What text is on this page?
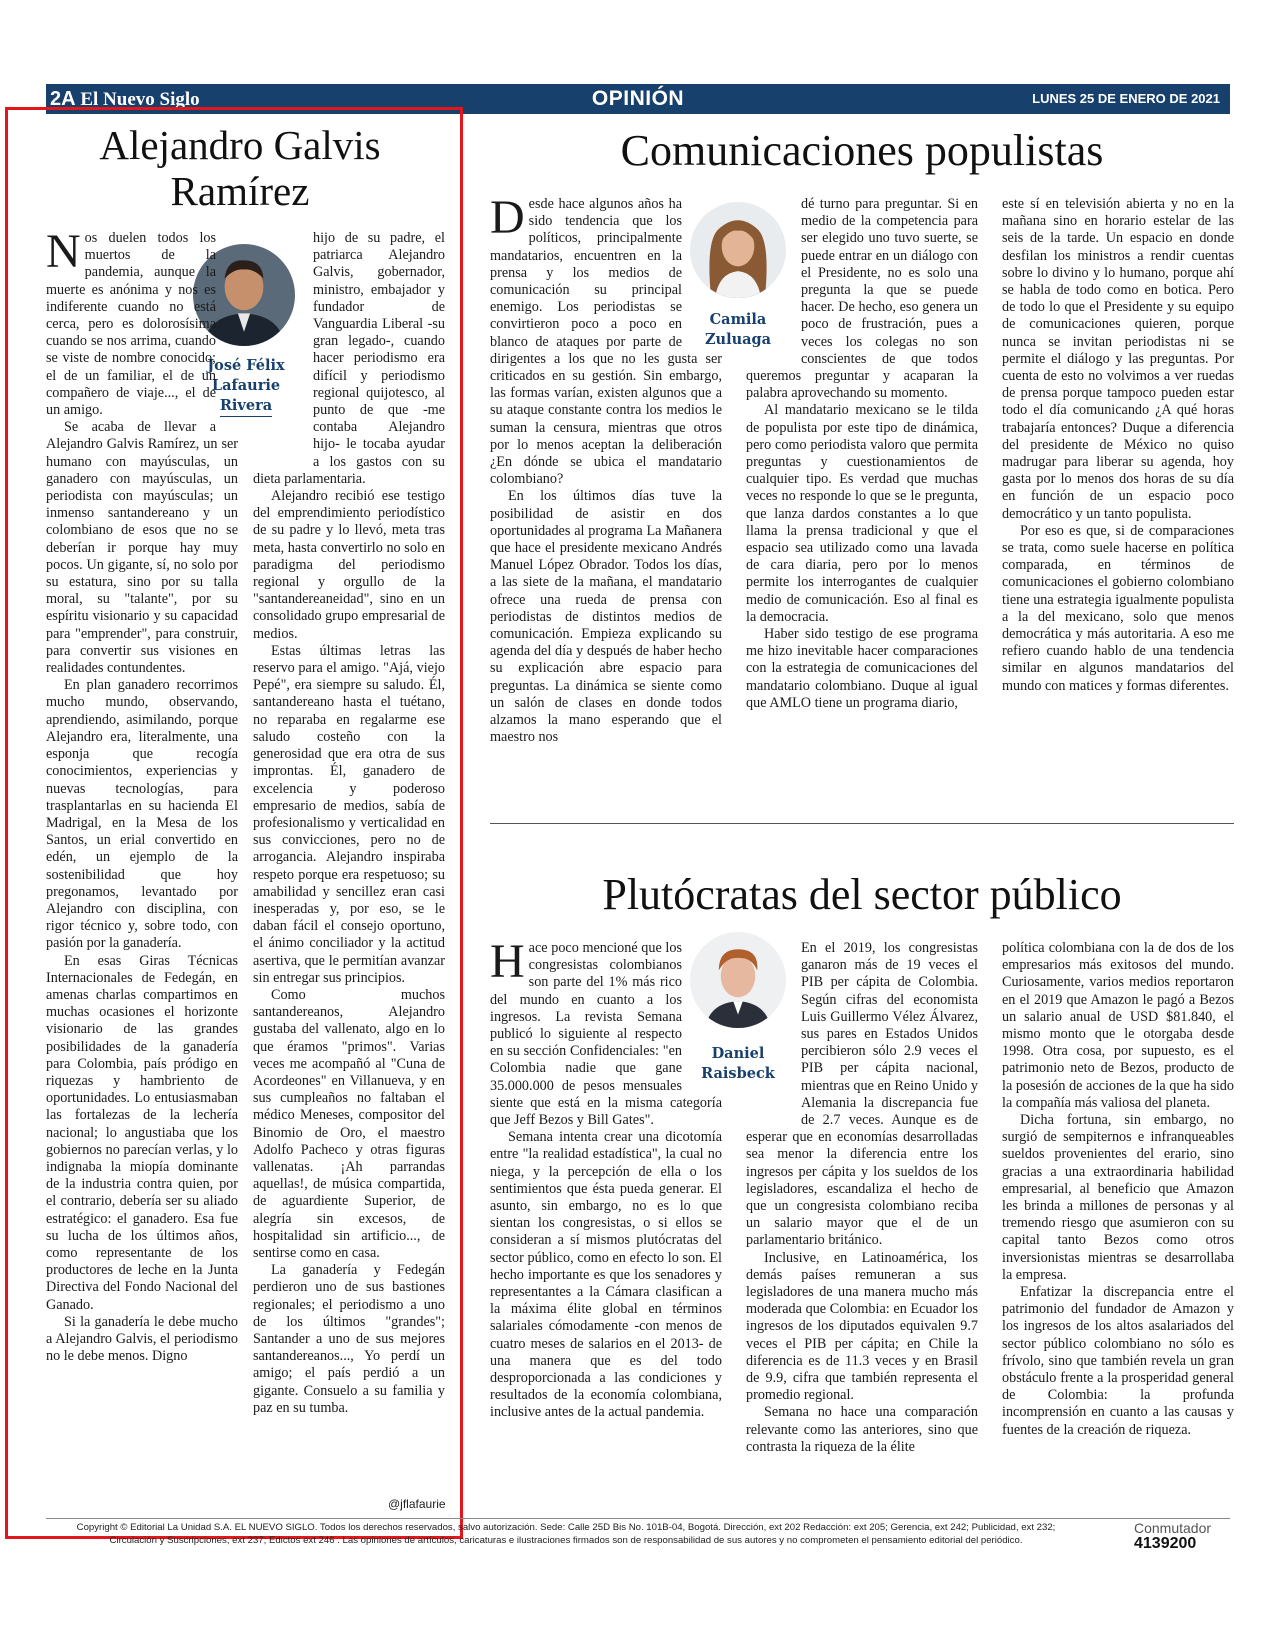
2A El Nuevo Siglo	OPINIÓN	LUNES 25 DE ENERO DE 2021
Alejandro Galvis Ramírez
José Félix
Lafaurie
Rivera

Nos duelen todos los muertos de la pandemia, aunque la muerte es anónima y nos es indiferente cuando no está cerca, pero es dolorosísima cuando se nos arrima, cuando se viste de nombre conocido; el de un familiar, el de un compañero de viaje..., el de un amigo.

Se acaba de llevar a Alejandro Galvis Ramírez, un ser humano con mayúsculas, un ganadero con mayúsculas, un periodista con mayúsculas; un inmenso santandereano y un colombiano de esos que no se deberían ir porque hay muy pocos. Un gigante, sí, no solo por su estatura, sino por su talla moral, su "talante", por su espíritu visionario y su capacidad para "emprender", para construir, para convertir sus visiones en realidades contundentes.

En plan ganadero recorrimos mucho mundo, observando, aprendiendo, asimilando, porque Alejandro era, literalmente, una esponja que recogía conocimientos, experiencias y nuevas tecnologías, para trasplantarlas en su hacienda El Madrigal, en la Mesa de los Santos, un erial convertido en edén, un ejemplo de la sostenibilidad que hoy pregonamos, levantado por Alejandro con disciplina, con rigor técnico y, sobre todo, con pasión por la ganadería.

En esas Giras Técnicas Internacionales de Fedegán, en amenas charlas compartimos en muchas ocasiones el horizonte visionario de las grandes posibilidades de la ganadería para Colombia, país pródigo en riquezas y hambriento de oportunidades. Lo entusiasmaban las fortalezas de la lechería nacional; lo angustiaba que los gobiernos no parecían verlas, y lo indignaba la miopía dominante de la industria contra quien, por el contrario, debería ser su aliado estratégico: el ganadero. Esa fue su lucha de los últimos años, como representante de los productores de leche en la Junta Directiva del Fondo Nacional del Ganado.

Si la ganadería le debe mucho a Alejandro Galvis, el periodismo no le debe menos. Digno

hijo de su padre, el patriarca Alejandro Galvis, gobernador, ministro, embajador y fundador de Vanguardia Liberal -su gran legado-, cuando hacer periodismo era difícil y periodismo regional quijotesco, al punto de que -me contaba Alejandro hijo- le tocaba ayudar a los gastos con su dieta parlamentaria.

Alejandro recibió ese testigo del emprendimiento periodístico de su padre y lo llevó, meta tras meta, hasta convertirlo no solo en paradigma del periodismo regional y orgullo de la "santandereaneidad", sino en un consolidado grupo empresarial de medios.

Estas últimas letras las reservo para el amigo. "Ajá, viejo Pepé", era siempre su saludo. Él, santandereano hasta el tuétano, no reparaba en regalarme ese saludo costeño con la generosidad que era otra de sus improntas. Él, ganadero de excelencia y poderoso empresario de medios, sabía de profesionalismo y verticalidad en sus convicciones, pero no de arrogancia. Alejandro inspiraba respeto porque era respetuoso; su amabilidad y sencillez eran casi inesperadas y, por eso, se le daban fácil el consejo oportuno, el ánimo conciliador y la actitud asertiva, que le permitían avanzar sin entregar sus principios.

Como muchos santandereanos, Alejandro gustaba del vallenato, algo en lo que éramos "primos". Varias veces me acompañó al "Cuna de Acordeones" en Villanueva, y en sus cumpleaños no faltaban el médico Meneses, compositor del Binomio de Oro, el maestro Adolfo Pacheco y otras figuras vallenatas. ¡Ah parrandas aquellas!, de música compartida, de aguardiente Superior, de alegría sin excesos, de hospitalidad sin artificio..., de sentirse como en casa.

La ganadería y Fedegán perdieron uno de sus bastiones regionales; el periodismo a uno de los últimos "grandes"; Santander a uno de sus mejores santandereanos..., Yo perdí un amigo; el país perdió a un gigante. Consuelo a su familia y paz en su tumba.

@jflafaurie
Comunicaciones populistas
Camila
Zuluaga

Desde hace algunos años ha sido tendencia que los políticos, principalmente mandatarios, encuentren en la prensa y los medios de comunicación su principal enemigo. Los periodistas se convirtieron poco a poco en blanco de ataques por parte de dirigentes a los que no les gusta ser criticados en su gestión. Sin embargo, las formas varían, existen algunos que a su ataque constante contra los medios le suman la censura, mientras que otros por lo menos aceptan la deliberación ¿En dónde se ubica el mandatario colombiano?

En los últimos días tuve la posibilidad de asistir en dos oportunidades al programa La Mañanera que hace el presidente mexicano Andrés Manuel López Obrador. Todos los días, a las siete de la mañana, el mandatario ofrece una rueda de prensa con periodistas de distintos medios de comunicación. Empieza explicando su agenda del día y después de haber hecho su explicación abre espacio para preguntas. La dinámica se siente como un salón de clases en donde todos alzamos la mano esperando que el maestro nos

dé turno para preguntar. Si en medio de la competencia para ser elegido uno tuvo suerte, se puede entrar en un diálogo con el Presidente, no es solo una pregunta la que se puede hacer. De hecho, eso genera un poco de frustración, pues a veces los colegas no son conscientes de que todos queremos preguntar y acaparan la palabra aprovechando su momento.

Al mandatario mexicano se le tilda de populista por este tipo de dinámica, pero como periodista valoro que permita preguntas y cuestionamientos de cualquier tipo. Es verdad que muchas veces no responde lo que se le pregunta, que lanza dardos constantes a lo que llama la prensa tradicional y que el espacio sea utilizado como una lavada de cara diaria, pero por lo menos permite los interrogantes de cualquier medio de comunicación. Eso al final es la democracia.

Haber sido testigo de ese programa me hizo inevitable hacer comparaciones con la estrategia de comunicaciones del mandatario colombiano. Duque al igual que AMLO tiene un programa diario,

este sí en televisión abierta y no en la mañana sino en horario estelar de las seis de la tarde. Un espacio en donde desfilan los ministros a rendir cuentas sobre lo divino y lo humano, porque ahí se habla de todo como en botica. Pero de todo lo que el Presidente y su equipo de comunicaciones quieren, porque nunca se invitan periodistas ni se permite el diálogo y las preguntas. Por cuenta de esto no volvimos a ver ruedas de prensa porque tampoco pueden estar todo el día comunicando ¿A qué horas trabajaría entonces? Duque a diferencia del presidente de México no quiso madrugar para liberar su agenda, hoy gasta por lo menos dos horas de su día en función de un espacio poco democrático y un tanto populista.

Por eso es que, si de comparaciones se trata, como suele hacerse en política comparada, en términos de comunicaciones el gobierno colombiano tiene una estrategia igualmente populista a la del mexicano, solo que menos democrática y más autoritaria. A eso me refiero cuando hablo de una tendencia similar en algunos mandatarios del mundo con matices y formas diferentes.

Plutócratas del sector público
Daniel
Raisbeck

Hace poco mencioné que los congresistas colombianos son parte del 1% más rico del mundo en cuanto a los ingresos. La revista Semana publicó lo siguiente al respecto en su sección Confidenciales: "en Colombia nadie que gane 35.000.000 de pesos mensuales siente que está en la misma categoría que Jeff Bezos y Bill Gates".

Semana intenta crear una dicotomía entre "la realidad estadística", la cual no niega, y la percepción de ella o los sentimientos que ésta pueda generar. El asunto, sin embargo, no es lo que sientan los congresistas, o si ellos se consideran a sí mismos plutócratas del sector público, como en efecto lo son. El hecho importante es que los senadores y representantes a la Cámara clasifican a la máxima élite global en términos salariales cómodamente -con menos de cuatro meses de salarios en el 2013- de una manera que es del todo desproporcionada a las condiciones y resultados de la economía colombiana, inclusive antes de la actual pandemia.

En el 2019, los congresistas ganaron más de 19 veces el PIB per cápita de Colombia. Según cifras del economista Luis Guillermo Vélez Álvarez, sus pares en Estados Unidos percibieron sólo 2.9 veces el PIB per cápita nacional, mientras que en Reino Unido y Alemania la discrepancia fue de 2.7 veces. Aunque es de esperar que en economías desarrolladas sea menor la diferencia entre los ingresos per cápita y los sueldos de los legisladores, escandaliza el hecho de que un congresista colombiano reciba un salario mayor que el de un parlamentario británico.

Inclusive, en Latinoamérica, los demás países remuneran a sus legisladores de una manera mucho más moderada que Colombia: en Ecuador los ingresos de los diputados equivalen 9.7 veces el PIB per cápita; en Chile la diferencia es de 11.3 veces y en Brasil de 9.9, cifra que también representa el promedio regional.

Semana no hace una comparación relevante como las anteriores, sino que contrasta la riqueza de la élite

política colombiana con la de dos de los empresarios más exitosos del mundo. Curiosamente, varios medios reportaron en el 2019 que Amazon le pagó a Bezos un salario anual de USD $81.840, el mismo monto que le otorgaba desde 1998. Otra cosa, por supuesto, es el patrimonio neto de Bezos, producto de la posesión de acciones de la que ha sido la compañía más valiosa del planeta.

Dicha fortuna, sin embargo, no surgió de sempiternos e infranqueables sueldos provenientes del erario, sino gracias a una extraordinaria habilidad empresarial, al beneficio que Amazon les brinda a millones de personas y al tremendo riesgo que asumieron con su capital tanto Bezos como otros inversionistas mientras se desarrollaba la empresa.

Enfatizar la discrepancia entre el patrimonio del fundador de Amazon y los ingresos de los altos asalariados del sector público colombiano no sólo es frívolo, sino que también revela un gran obstáculo frente a la prosperidad general de Colombia: la profunda incomprensión en cuanto a las causas y fuentes de la creación de riqueza.

Copyright © Editorial La Unidad S.A. EL NUEVO SIGLO. Todos los derechos reservados, salvo autorización. Sede: Calle 25D Bis No. 101B-04, Bogotá. Dirección, ext 202 Redacción: ext 205; Gerencia, ext 242; Publicidad, ext 232;
Circulación y Suscripciones, ext 237; Edictos ext 246 . Las opiniones de artículos, caricaturas e ilustraciones firmados son de responsabilidad de sus autores y no comprometen el pensamiento editorial del periódico.
Conmutador
4139200
